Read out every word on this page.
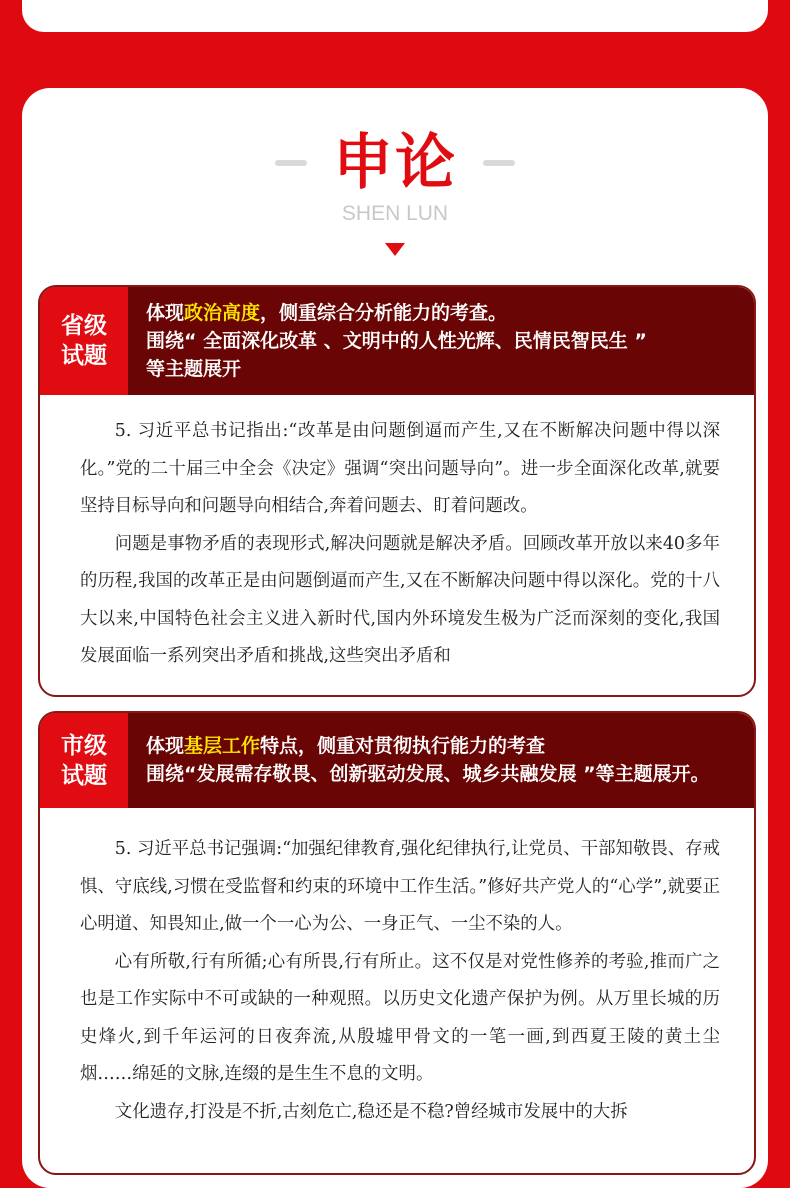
申论
SHEN LUN
省级
试题
体现政治高度，侧重综合分析能力的考查。
围绕“ 全面深化改革 、文明中的人性光辉、民情民智民生 ”
等主题展开

5. 习近平总书记指出:“改革是由问题倒逼而产生,又在不断解决问题中得以深化。”党的二十届三中全会《决定》强调“突出问题导向”。进一步全面深化改革,就要坚持目标导向和问题导向相结合,奔着问题去、盯着问题改。

问题是事物矛盾的表现形式,解决问题就是解决矛盾。回顾改革开放以来40多年的历程,我国的改革正是由问题倒逼而产生,又在不断解决问题中得以深化。党的十八大以来,中国特色社会主义进入新时代,国内外环境发生极为广泛而深刻的变化,我国发展面临一系列突出矛盾和挑战,这些突出矛盾和

市级
试题
体现基层工作特点，侧重对贯彻执行能力的考查
围绕“发展需存敬畏、创新驱动发展、城乡共融发展 ”等主题展开。

5. 习近平总书记强调:“加强纪律教育,强化纪律执行,让党员、干部知敬畏、存戒惧、守底线,习惯在受监督和约束的环境中工作生活。”修好共产党人的“心学”,就要正心明道、知畏知止,做一个一心为公、一身正气、一尘不染的人。

心有所敬,行有所循;心有所畏,行有所止。这不仅是对党性修养的考验,推而广之也是工作实际中不可或缺的一种观照。以历史文化遗产保护为例。从万里长城的历史烽火,到千年运河的日夜奔流,从殷墟甲骨文的一笔一画,到西夏王陵的黄土尘烟……绵延的文脉,连缀的是生生不息的文明。

文化遗存,打没是不折,古刻危亡,稳还是不稳?曾经城市发展中的大拆
